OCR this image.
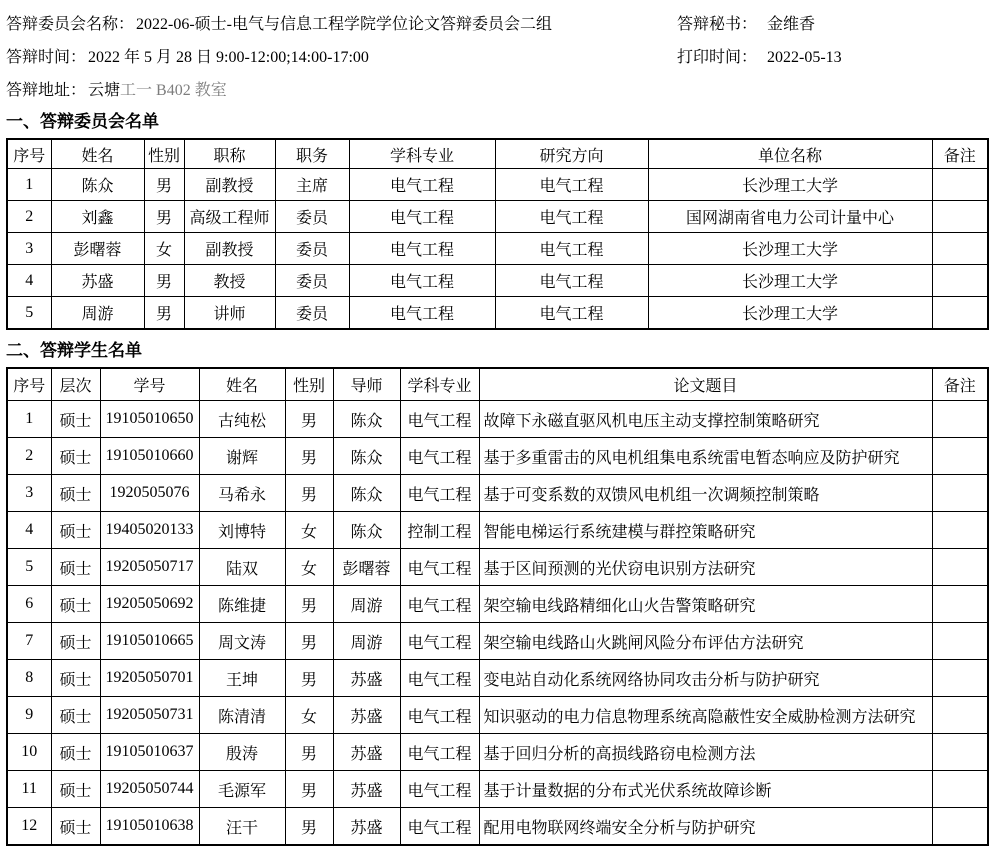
答辩委员会名称： 2022-06-硕士-电气与信息工程学院学位论文答辩委员会二组	答辩秘书： 金维香
答辩时间： 2022 年 5 月 28 日 9:00-12:00;14:00-17:00	打印时间： 2022-05-13
答辩地址： 云塘工一 B402 教室
一、答辩委员会名单
序号	姓名	性别	职称	职务	学科专业	研究方向	单位名称	备注
1	陈众	男	副教授	主席	电气工程	电气工程	长沙理工大学	
2	刘鑫	男	高级工程师	委员	电气工程	电气工程	国网湖南省电力公司计量中心	
3	彭曙蓉	女	副教授	委员	电气工程	电气工程	长沙理工大学	
4	苏盛	男	教授	委员	电气工程	电气工程	长沙理工大学	
5	周游	男	讲师	委员	电气工程	电气工程	长沙理工大学	
二、答辩学生名单
序号	层次	学号	姓名	性别	导师	学科专业	论文题目	备注
1	硕士	19105010650	古纯松	男	陈众	电气工程	故障下永磁直驱风机电压主动支撑控制策略研究	
2	硕士	19105010660	谢辉	男	陈众	电气工程	基于多重雷击的风电机组集电系统雷电暂态响应及防护研究	
3	硕士	1920505076	马希永	男	陈众	电气工程	基于可变系数的双馈风电机组一次调频控制策略	
4	硕士	19405020133	刘博特	女	陈众	控制工程	智能电梯运行系统建模与群控策略研究	
5	硕士	19205050717	陆双	女	彭曙蓉	电气工程	基于区间预测的光伏窃电识别方法研究	
6	硕士	19205050692	陈维捷	男	周游	电气工程	架空输电线路精细化山火告警策略研究	
7	硕士	19105010665	周文涛	男	周游	电气工程	架空输电线路山火跳闸风险分布评估方法研究	
8	硕士	19205050701	王坤	男	苏盛	电气工程	变电站自动化系统网络协同攻击分析与防护研究	
9	硕士	19205050731	陈清清	女	苏盛	电气工程	知识驱动的电力信息物理系统高隐蔽性安全威胁检测方法研究	
10	硕士	19105010637	殷涛	男	苏盛	电气工程	基于回归分析的高损线路窃电检测方法	
11	硕士	19205050744	毛源军	男	苏盛	电气工程	基于计量数据的分布式光伏系统故障诊断	
12	硕士	19105010638	汪干	男	苏盛	电气工程	配用电物联网终端安全分析与防护研究	
